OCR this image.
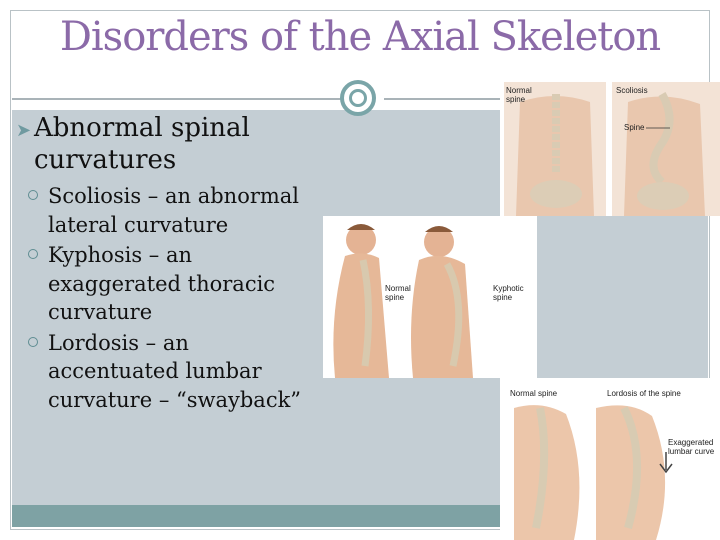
Disorders of the Axial Skeleton
➤ Abnormal spinal curvatures
Scoliosis – an abnormal lateral curvature
Kyphosis – an exaggerated thoracic curvature
Lordosis – an accentuated lumbar curvature – “swayback”
Normal spine
Scoliosis
Spine
Normal spine
Kyphotic spine
Normal spine	Lordosis of the spine
Exaggerated lumbar curve
